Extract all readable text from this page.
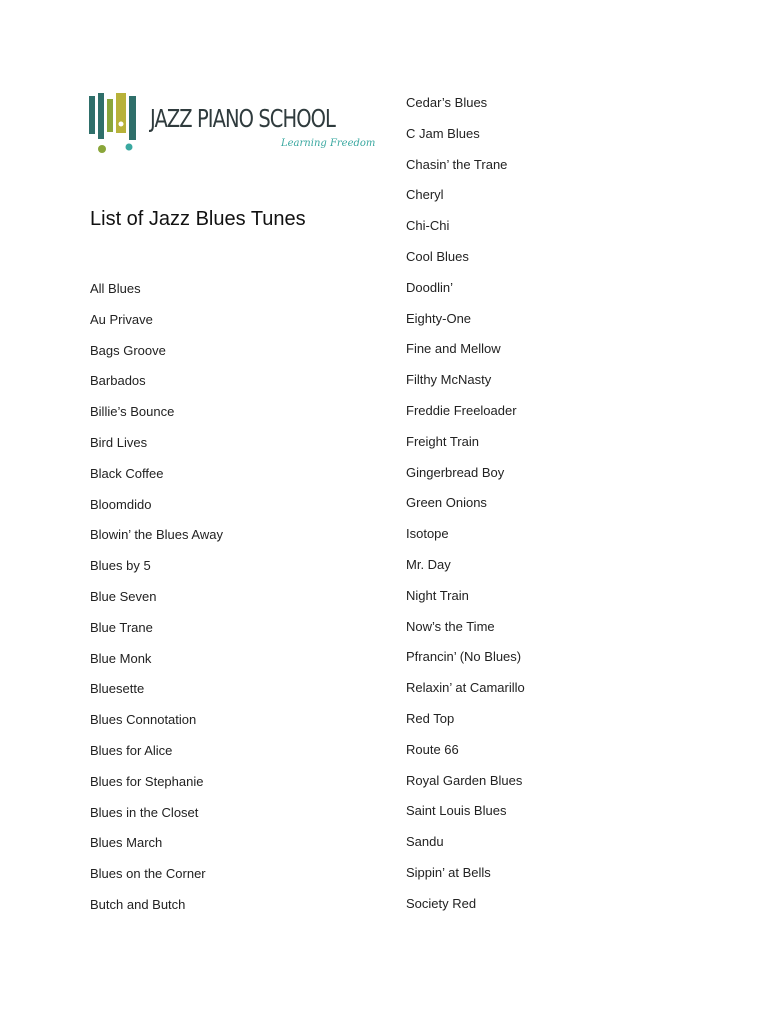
JAZZ PIANO SCHOOL
Learning Freedom
List of Jazz Blues Tunes
All Blues
Au Privave
Bags Groove
Barbados
Billie’s Bounce
Bird Lives
Black Coffee
Bloomdido
Blowin’ the Blues Away
Blues by 5
Blue Seven
Blue Trane
Blue Monk
Bluesette
Blues Connotation
Blues for Alice
Blues for Stephanie
Blues in the Closet
Blues March
Blues on the Corner
Butch and Butch
Cedar’s Blues
C Jam Blues
Chasin’ the Trane
Cheryl
Chi-Chi
Cool Blues
Doodlin’
Eighty-One
Fine and Mellow
Filthy McNasty
Freddie Freeloader
Freight Train
Gingerbread Boy
Green Onions
Isotope
Mr. Day
Night Train
Now’s the Time
Pfrancin’ (No Blues)
Relaxin’ at Camarillo
Red Top
Route 66
Royal Garden Blues
Saint Louis Blues
Sandu
Sippin’ at Bells
Society Red
